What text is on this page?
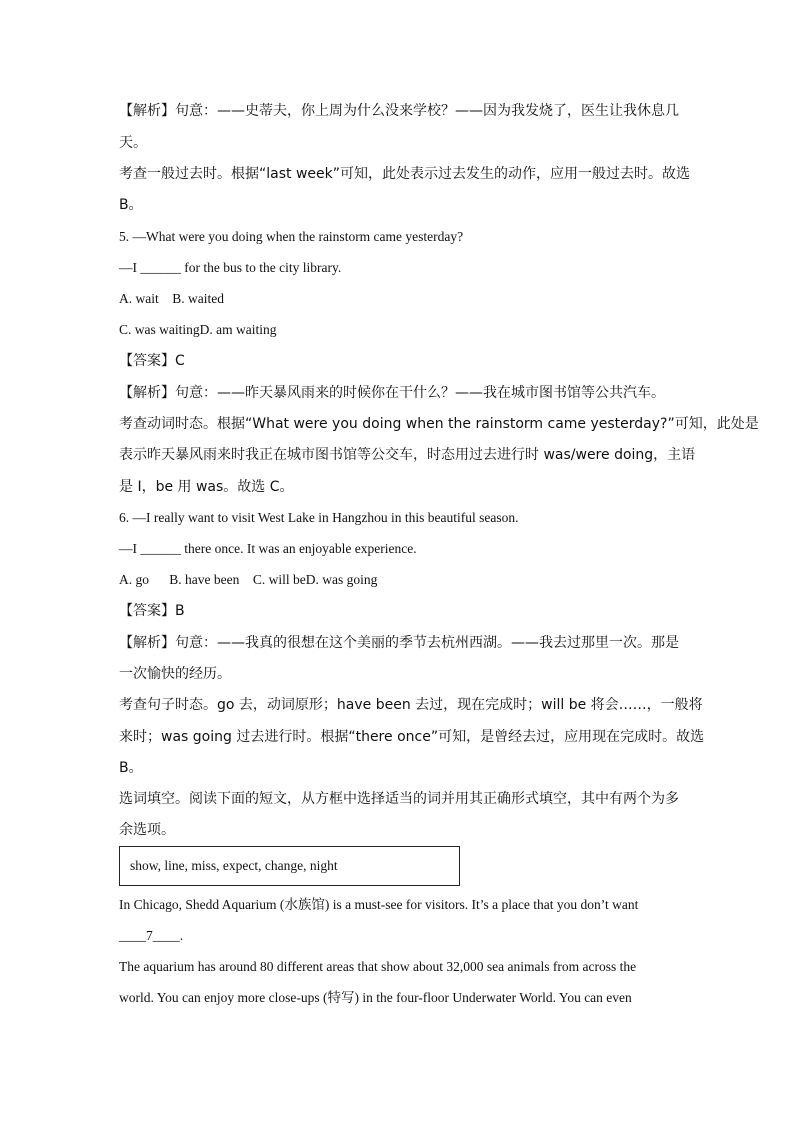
【解析】句意：——史蒂夫，你上周为什么没来学校？——因为我发烧了，医生让我休息几
天。
考查一般过去时。根据“last week”可知，此处表示过去发生的动作，应用一般过去时。故选
B。
5. —What were you doing when the rainstorm came yesterday?
—I ______ for the bus to the city library.
A. wait    B. waited
C. was waitingD. am waiting
【答案】C
【解析】句意：——昨天暴风雨来的时候你在干什么？——我在城市图书馆等公共汽车。
考查动词时态。根据“What were you doing when the rainstorm came yesterday?”可知，此处是
表示昨天暴风雨来时我正在城市图书馆等公交车，时态用过去进行时 was/were doing，主语
是 I，be 用 was。故选 C。
6. —I really want to visit West Lake in Hangzhou in this beautiful season.
—I ______ there once. It was an enjoyable experience.
A. go      B. have been    C. will beD. was going
【答案】B
【解析】句意：——我真的很想在这个美丽的季节去杭州西湖。——我去过那里一次。那是
一次愉快的经历。
考查句子时态。go 去，动词原形；have been 去过，现在完成时；will be 将会……，一般将
来时；was going 过去进行时。根据“there once”可知，是曾经去过，应用现在完成时。故选
B。
选词填空。阅读下面的短文，从方框中选择适当的词并用其正确形式填空，其中有两个为多
余选项。
show, line, miss, expect, change, night
In Chicago, Shedd Aquarium (水族馆) is a must-see for visitors. It’s a place that you don’t want
____7____.
The aquarium has around 80 different areas that show about 32,000 sea animals from across the
world. You can enjoy more close-ups (特写) in the four-floor Underwater World. You can even
